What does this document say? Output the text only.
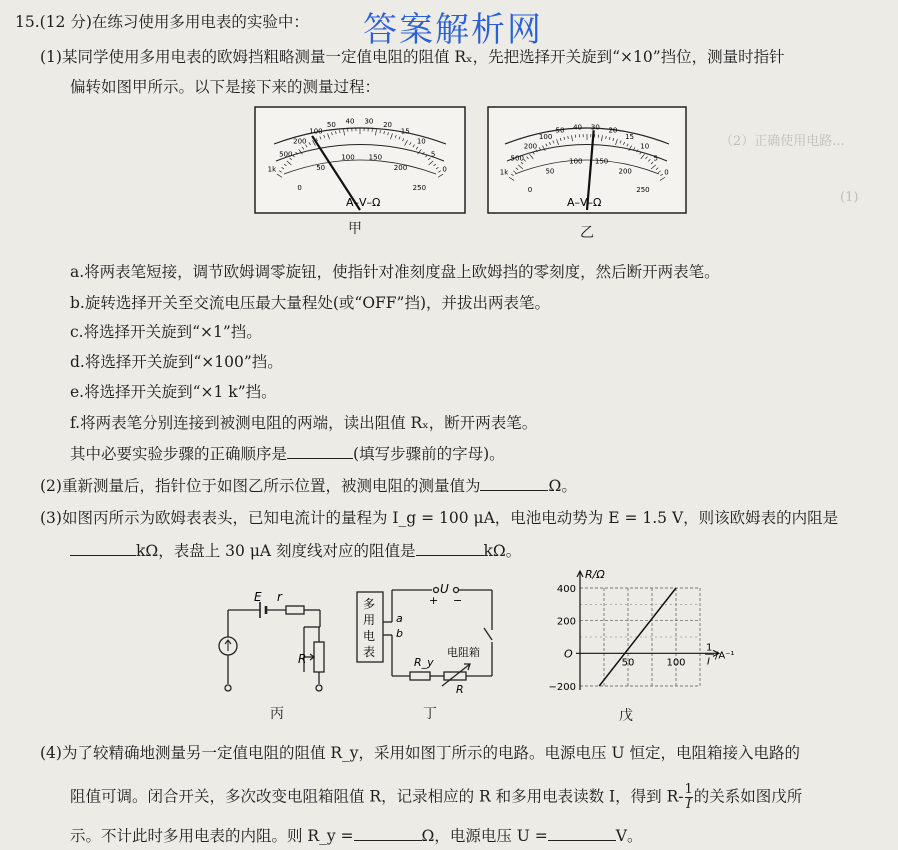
答案解析网
15.(12 分)在练习使用多用电表的实验中：
(1)某同学使用多用电表的欧姆挡粗略测量一定值电阻的阻值 Rₓ，先把选择开关旋到“×10”挡位，测量时指针
偏转如图甲所示。以下是接下来的测量过程：
（2）正确使用电路...
(1)
1k
500
200
100
50 40 30 20
15
10
5
0
0
50
100 150
200
250
A–V–Ω
甲
1k
500
200
100
50 40 30 20
15
10
5
0
0
50
100 150
200
250
A–V–Ω
乙
a.将两表笔短接，调节欧姆调零旋钮，使指针对准刻度盘上欧姆挡的零刻度，然后断开两表笔。
b.旋转选择开关至交流电压最大量程处(或“OFF”挡)，并拔出两表笔。
c.将选择开关旋到“×1”挡。
d.将选择开关旋到“×100”挡。
e.将选择开关旋到“×1 k”挡。
f.将两表笔分别连接到被测电阻的两端，读出阻值 Rₓ，断开两表笔。
其中必要实验步骤的正确顺序是	(填写步骤前的字母)。
(2)重新测量后，指针位于如图乙所示位置，被测电阻的测量值为	Ω。
(3)如图丙所示为欧姆表表头，已知电流计的量程为 I_g = 100 μA，电池电动势为 E = 1.5 V，则该欧姆表的内阻是
kΩ，表盘上 30 μA 刻度线对应的阻值是	kΩ。
E r
R
丙
多
用
电
表
a
b
U
+ −
R_y
电阻箱
R
丁
400
200
−200
50	100
R/Ω
O	1
I
/A⁻¹
戊
(4)为了较精确地测量另一定值电阻的阻值 R_y，采用如图丁所示的电路。电源电压 U 恒定，电阻箱接入电路的
阻值可调。闭合开关，多次改变电阻箱阻值 R，记录相应的 R 和多用电表读数 I，得到 $R- \frac{1}{I}$ 的关系如图戊所
示。不计此时多用电表的内阻。则 R_y =	Ω，电源电压 U =	V。
